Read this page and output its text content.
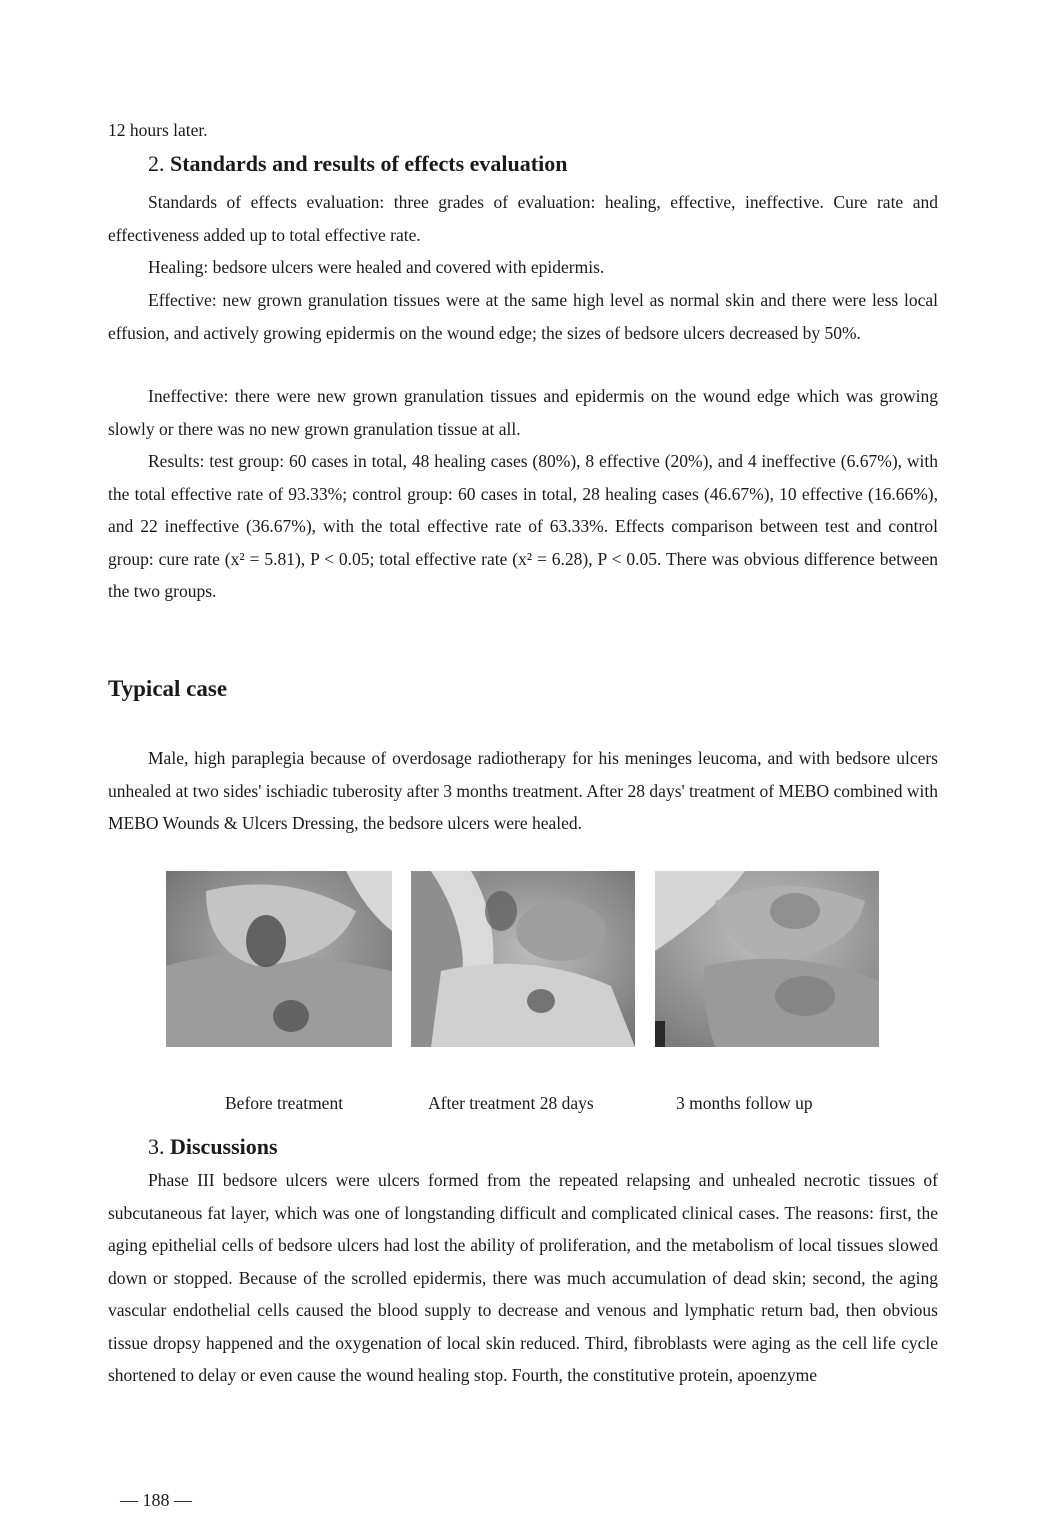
12 hours later.
2. Standards and results of effects evaluation

Standards of effects evaluation: three grades of evaluation: healing, effective, ineffective. Cure rate and effectiveness added up to total effective rate.

Healing: bedsore ulcers were healed and covered with epidermis.

Effective: new grown granulation tissues were at the same high level as normal skin and there were less local effusion, and actively growing epidermis on the wound edge; the sizes of bedsore ulcers decreased by 50%.

Ineffective: there were new grown granulation tissues and epidermis on the wound edge which was growing slowly or there was no new grown granulation tissue at all.

Results: test group: 60 cases in total, 48 healing cases (80%), 8 effective (20%), and 4 ineffective (6.67%), with the total effective rate of 93.33%; control group: 60 cases in total, 28 healing cases (46.67%), 10 effective (16.66%), and 22 ineffective (36.67%), with the total effective rate of 63.33%. Effects comparison between test and control group: cure rate (x² = 5.81), P < 0.05; total effective rate (x² = 6.28), P < 0.05. There was obvious difference between the two groups.

Typical case

Male, high paraplegia because of overdosage radiotherapy for his meninges leucoma, and with bedsore ulcers unhealed at two sides' ischiadic tuberosity after 3 months treatment. After 28 days' treatment of MEBO combined with MEBO Wounds & Ulcers Dressing, the bedsore ulcers were healed.

Before treatment	After treatment 28 days	3 months follow up
3. Discussions

Phase III bedsore ulcers were ulcers formed from the repeated relapsing and unhealed necrotic tissues of subcutaneous fat layer, which was one of longstanding difficult and complicated clinical cases. The reasons: first, the aging epithelial cells of bedsore ulcers had lost the ability of proliferation, and the metabolism of local tissues slowed down or stopped. Because of the scrolled epidermis, there was much accumulation of dead skin; second, the aging vascular endothelial cells caused the blood supply to decrease and venous and lymphatic return bad, then obvious tissue dropsy happened and the oxygenation of local skin reduced. Third, fibroblasts were aging as the cell life cycle shortened to delay or even cause the wound healing stop. Fourth, the constitutive protein, apoenzyme

— 188 —
